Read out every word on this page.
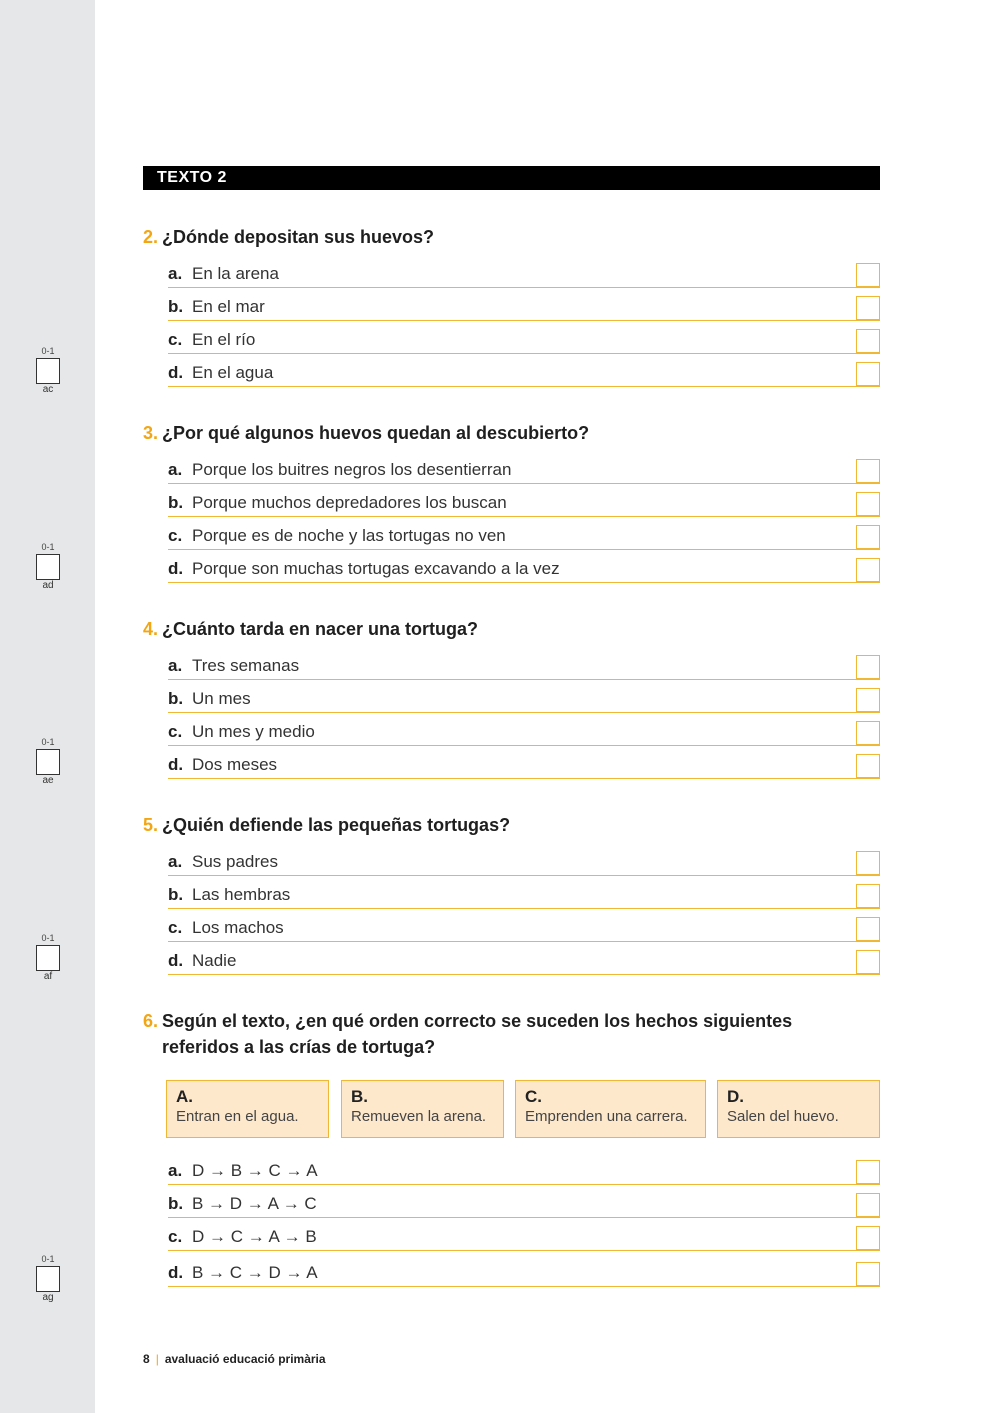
0-1
ac
0-1
ad
0-1
ae
0-1
af
0-1
ag
TEXTO 2
2. ¿Dónde depositan sus huevos?
a. En la arena
b. En el mar
c. En el río
d. En el agua
3. ¿Por qué algunos huevos quedan al descubierto?
a. Porque los buitres negros los desentierran
b. Porque muchos depredadores los buscan
c. Porque es de noche y las tortugas no ven
d. Porque son muchas tortugas excavando a la vez
4. ¿Cuánto tarda en nacer una tortuga?
a. Tres semanas
b. Un mes
c. Un mes y medio
d. Dos meses
5. ¿Quién defiende las pequeñas tortugas?
a. Sus padres
b. Las hembras
c. Los machos
d. Nadie
6. Según el texto, ¿en qué orden correcto se suceden los hechos siguientes referidos a las crías de tortuga?
A.
Entran en el agua.
B.
Remueven la arena.
C.
Emprenden una carrera.
D.
Salen del huevo.
a. D → B → C → A
b. B → D → A → C
c. D → C → A → B
d. B → C → D → A
8 | avaluació educació primària
